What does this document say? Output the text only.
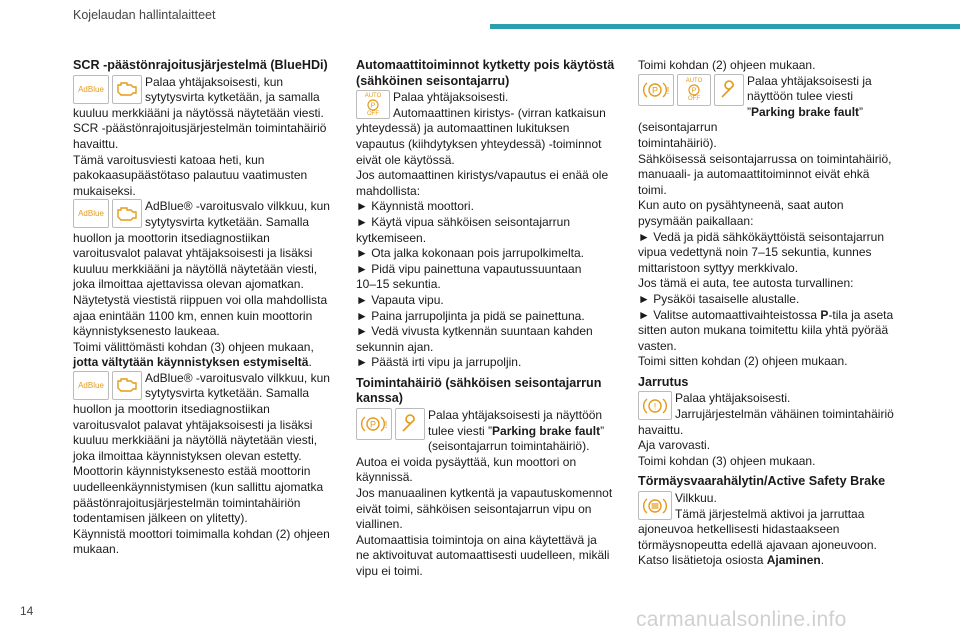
Kojelaudan hallintalaitteet
SCR -päästönrajoitusjärjestelmä (BlueHDi)
AdBlue
Palaa yhtäjaksoisesti, kun
sytytysvirta kytketään, ja samalla
kuuluu merkkiääni ja näytössä näytetään viesti.
SCR -päästönrajoitusjärjestelmän toimintahäiriö
havaittu.
Tämä varoitusviesti katoaa heti, kun
pakokaasupäästötaso palautuu vaatimusten
mukaiseksi.
AdBlue
AdBlue® -varoitusvalo vilkkuu, kun
sytytysvirta kytketään. Samalla
huollon ja moottorin itsediagnostiikan
varoitusvalot palavat yhtäjaksoisesti ja lisäksi
kuuluu merkkiääni ja näytöllä näytetään viesti,
joka ilmoittaa ajettavissa olevan ajomatkan.
Näytetystä viestistä riippuen voi olla mahdollista
ajaa enintään 1100 km, ennen kuin moottorin
käynnistyksenesto laukeaa.
Toimi välittömästi kohdan (3) ohjeen mukaan,
jotta vältytään käynnistyksen estymiseltä.
AdBlue
AdBlue® -varoitusvalo vilkkuu, kun
sytytysvirta kytketään. Samalla
huollon ja moottorin itsediagnostiikan
varoitusvalot palavat yhtäjaksoisesti ja lisäksi
kuuluu merkkiääni ja näytöllä näytetään viesti,
joka ilmoittaa käynnistyksen olevan estetty.
Moottorin käynnistyksenesto estää moottorin
uudelleenkäynnistymisen (kun sallittu ajomatka
päästönrajoitusjärjestelmän toimintahäiriön
todentamisen jälkeen on ylitetty).
Käynnistä moottori toimimalla kohdan (2) ohjeen
mukaan.
Automaattitoiminnot kytketty pois käytöstä (sähköinen seisontajarru)
AUTO
P
OFF
Palaa yhtäjaksoisesti.
Automaattinen kiristys- (virran katkaisun
yhteydessä) ja automaattinen lukituksen
vapautus (kiihdytyksen yhteydessä) -toiminnot
eivät ole käytössä.
Jos automaattinen kiristys/vapautus ei enää ole
mahdollista:
► Käynnistä moottori.
► Käytä vipua sähköisen seisontajarrun
kytkemiseen.
► Ota jalka kokonaan pois jarrupolkimelta.
► Pidä vipu painettuna vapautussuuntaan
10–15 sekuntia.
► Vapauta vipu.
► Paina jarrupoljinta ja pidä se painettuna.
► Vedä vivusta kytkennän suuntaan kahden
sekunnin ajan.
► Päästä irti vipu ja jarrupoljin.
Toimintahäiriö (sähköisen seisontajarrun kanssa)
P !
Palaa yhtäjaksoisesti ja näyttöön
tulee viesti ”Parking brake fault”
(seisontajarrun toimintahäiriö).
Autoa ei voida pysäyttää, kun moottori on
käynnissä.
Jos manuaalinen kytkentä ja vapautuskomennot
eivät toimi, sähköisen seisontajarrun vipu on
viallinen.
Automaattisia toimintoja on aina käytettävä ja
ne aktivoituvat automaattisesti uudelleen, mikäli
vipu ei toimi.
Toimi kohdan (2) ohjeen mukaan.
P !
AUTO
P
OFF
Palaa yhtäjaksoisesti ja
näyttöön tulee viesti
”Parking brake fault” (seisontajarrun
toimintahäiriö).
Sähköisessä seisontajarrussa on toimintahäiriö,
manuaali- ja automaattitoiminnot eivät ehkä
toimi.
Kun auto on pysähtyneenä, saat auton
pysymään paikallaan:
► Vedä ja pidä sähkökäyttöistä seisontajarrun
vipua vedettynä noin 7–15 sekuntia, kunnes
mittaristoon syttyy merkkivalo.
Jos tämä ei auta, tee autosta turvallinen:
► Pysäköi tasaiselle alustalle.
► Valitse automaattivaihteistossa P-tila ja aseta
sitten auton mukana toimitettu kiila yhtä pyörää
vasten.
Toimi sitten kohdan (2) ohjeen mukaan.
Jarrutus
!
Palaa yhtäjaksoisesti.
Jarrujärjestelmän vähäinen toimintahäiriö
havaittu.
Aja varovasti.
Toimi kohdan (3) ohjeen mukaan.
Törmäysvaarahälytin/Active Safety Brake
Vilkkuu.
Tämä järjestelmä aktivoi ja jarruttaa
ajoneuvoa hetkellisesti hidastaakseen
törmäysnopeutta edellä ajavaan ajoneuvoon.
Katso lisätietoja osiosta Ajaminen.
14	carmanualsonline.info
